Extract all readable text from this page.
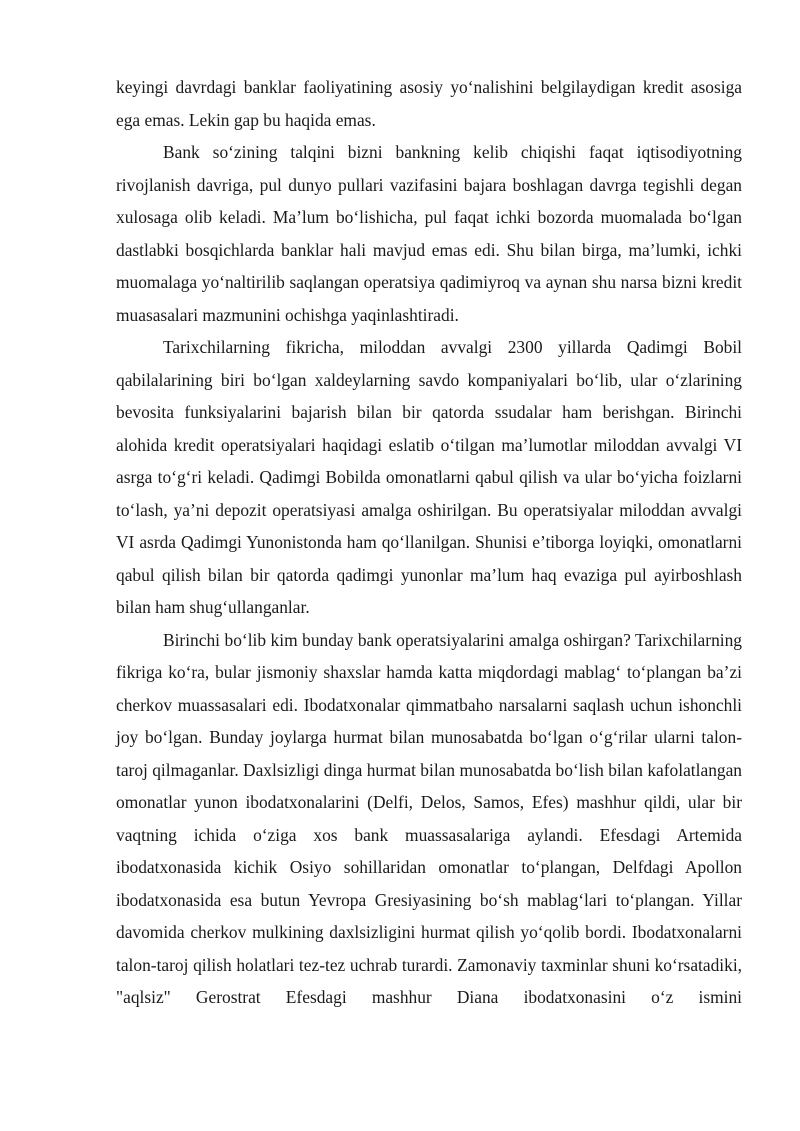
keyingi davrdagi banklar faoliyatining asosiy yo‘nalishini belgilaydigan kredit asosiga ega emas. Lekin gap bu haqida emas.

Bank so‘zining talqini bizni bankning kelib chiqishi faqat iqtisodiyotning rivojlanish davriga, pul dunyo pullari vazifasini bajara boshlagan davrga tegishli degan xulosaga olib keladi. Ma’lum bo‘lishicha, pul faqat ichki bozorda muomalada bo‘lgan dastlabki bosqichlarda banklar hali mavjud emas edi. Shu bilan birga, ma’lumki, ichki muomalaga yo‘naltirilib saqlangan operatsiya qadimiyroq va aynan shu narsa bizni kredit muasasalari mazmunini ochishga yaqinlashtiradi.

Tarixchilarning fikricha, miloddan avvalgi 2300 yillarda Qadimgi Bobil qabilalarining biri bo‘lgan xaldeylarning savdo kompaniyalari bo‘lib, ular o‘zlarining bevosita funksiyalarini bajarish bilan bir qatorda ssudalar ham berishgan. Birinchi alohida kredit operatsiyalari haqidagi eslatib o‘tilgan ma’lumotlar miloddan avvalgi VI asrga to‘g‘ri keladi. Qadimgi Bobilda omonatlarni qabul qilish va ular bo‘yicha foizlarni to‘lash, ya’ni depozit operatsiyasi amalga oshirilgan. Bu operatsiyalar miloddan avvalgi VI asrda Qadimgi Yunonistonda ham qo‘llanilgan. Shunisi e’tiborga loyiqki, omonatlarni qabul qilish bilan bir qatorda qadimgi yunonlar ma’lum haq evaziga pul ayirboshlash bilan ham shug‘ullanganlar.

Birinchi bo‘lib kim bunday bank operatsiyalarini amalga oshirgan? Tarixchilarning fikriga ko‘ra, bular jismoniy shaxslar hamda katta miqdordagi mablag‘ to‘plangan ba’zi cherkov muassasalari edi. Ibodatxonalar qimmatbaho narsalarni saqlash uchun ishonchli joy bo‘lgan. Bunday joylarga hurmat bilan munosabatda bo‘lgan o‘g‘rilar ularni talon-taroj qilmaganlar. Daxlsizligi dinga hurmat bilan munosabatda bo‘lish bilan kafolatlangan omonatlar yunon ibodatxonalarini (Delfi, Delos, Samos, Efes) mashhur qildi, ular bir vaqtning ichida o‘ziga xos bank muassasalariga aylandi. Efesdagi Artemida ibodatxonasida kichik Osiyo sohillaridan omonatlar to‘plangan, Delfdagi Apollon ibodatxonasida esa butun Yevropa Gresiyasining bo‘sh mablag‘lari to‘plangan. Yillar davomida cherkov mulkining daxlsizligini hurmat qilish yo‘qolib bordi. Ibodatxonalarni talon-taroj qilish holatlari tez-tez uchrab turardi. Zamonaviy taxminlar shuni ko‘rsatadiki, "aqlsiz" Gerostrat Efesdagi mashhur Diana ibodatxonasini o‘z ismini
